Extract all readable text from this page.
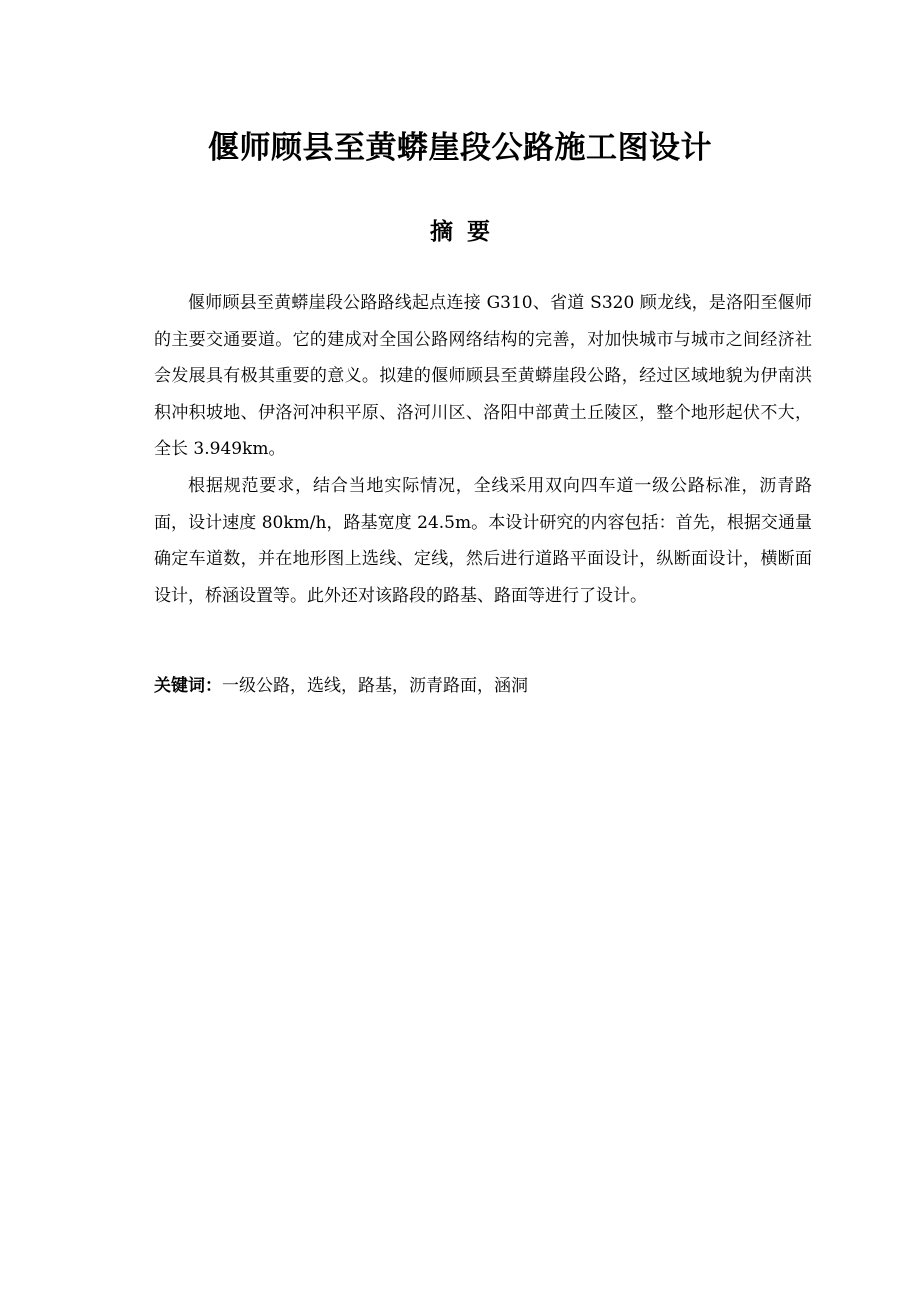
偃师顾县至黄蟒崖段公路施工图设计
摘要

偃师顾县至黄蟒崖段公路路线起点连接 G310、省道 S320 顾龙线，是洛阳至偃师的主要交通要道。它的建成对全国公路网络结构的完善，对加快城市与城市之间经济社会发展具有极其重要的意义。拟建的偃师顾县至黄蟒崖段公路，经过区域地貌为伊南洪积冲积坡地、伊洛河冲积平原、洛河川区、洛阳中部黄土丘陵区，整个地形起伏不大，全长 3.949km。

根据规范要求，结合当地实际情况，全线采用双向四车道一级公路标准，沥青路面，设计速度 80km/h，路基宽度 24.5m。本设计研究的内容包括：首先，根据交通量确定车道数，并在地形图上选线、定线，然后进行道路平面设计，纵断面设计，横断面设计，桥涵设置等。此外还对该路段的路基、路面等进行了设计。

关键词：一级公路，选线，路基，沥青路面，涵洞
